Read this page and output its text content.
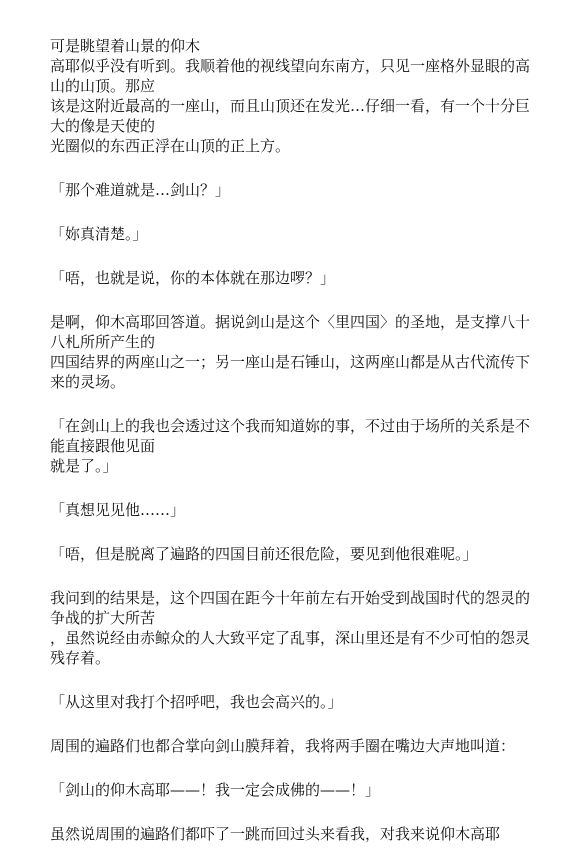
可是眺望着山景的仰木
高耶似乎没有听到。我顺着他的视线望向东南方，只见一座格外显眼的高山的山顶。那应
该是这附近最高的一座山，而且山顶还在发光…仔细一看，有一个十分巨大的像是天使的
光圈似的东西正浮在山顶的正上方。

「那个难道就是…剑山？」

「妳真清楚。」

「唔，也就是说，你的本体就在那边啰？」

是啊，仰木高耶回答道。据说剑山是这个〈里四国〉的圣地，是支撑八十八札所所产生的
四国结界的两座山之一；另一座山是石锤山，这两座山都是从古代流传下来的灵场。

「在剑山上的我也会透过这个我而知道妳的事，不过由于场所的关系是不能直接跟他见面
就是了。」

「真想见见他……」

「唔，但是脱离了遍路的四国目前还很危险，要见到他很难呢。」

我问到的结果是，这个四国在距今十年前左右开始受到战国时代的怨灵的争战的扩大所苦
，虽然说经由赤鲸众的人大致平定了乱事，深山里还是有不少可怕的怨灵残存着。

「从这里对我打个招呼吧，我也会高兴的。」

周围的遍路们也都合掌向剑山膜拜着，我将两手圈在嘴边大声地叫道：

「剑山的仰木高耶——！我一定会成佛的——！」

虽然说周围的遍路们都吓了一跳而回过头来看我，对我来说仰木高耶
